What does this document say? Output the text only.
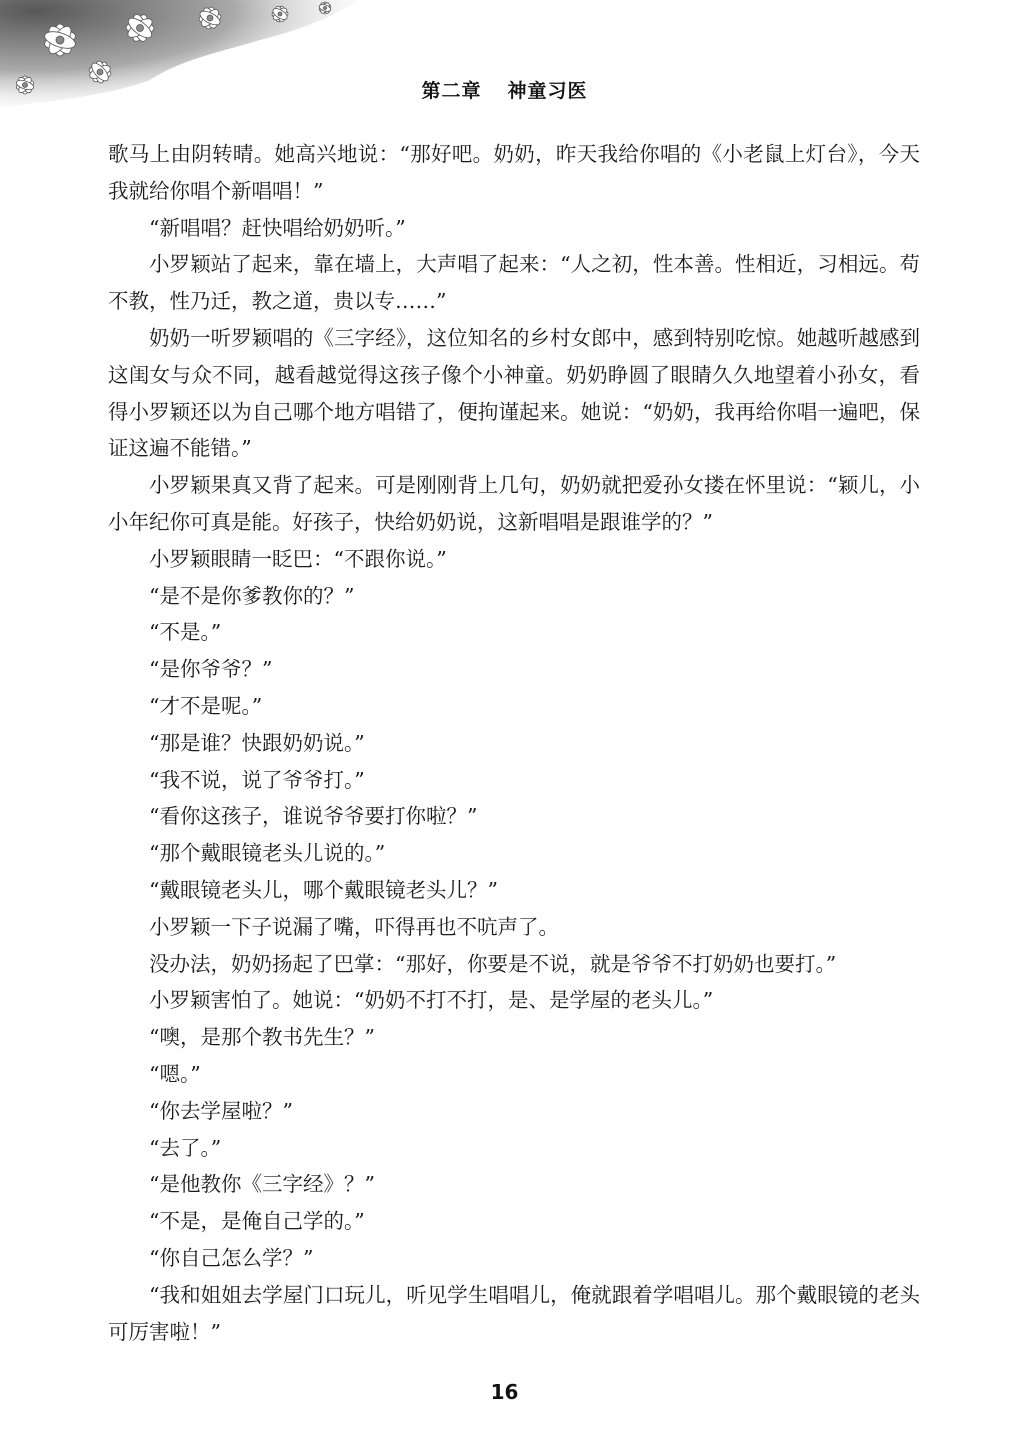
第二章 神童习医

歌马上由阴转晴。她高兴地说：“那好吧。奶奶，昨天我给你唱的《小老鼠上灯台》，今天我就给你唱个新唱唱！”

“新唱唱？赶快唱给奶奶听。”

小罗颖站了起来，靠在墙上，大声唱了起来：“人之初，性本善。性相近，习相远。苟不教，性乃迁，教之道，贵以专……”

奶奶一听罗颖唱的《三字经》，这位知名的乡村女郎中，感到特别吃惊。她越听越感到这闺女与众不同，越看越觉得这孩子像个小神童。奶奶睁圆了眼睛久久地望着小孙女，看得小罗颖还以为自己哪个地方唱错了，便拘谨起来。她说：“奶奶，我再给你唱一遍吧，保证这遍不能错。”

小罗颖果真又背了起来。可是刚刚背上几句，奶奶就把爱孙女搂在怀里说：“颖儿，小小年纪你可真是能。好孩子，快给奶奶说，这新唱唱是跟谁学的？”

小罗颖眼睛一眨巴：“不跟你说。”

“是不是你爹教你的？”

“不是。”

“是你爷爷？”

“才不是呢。”

“那是谁？快跟奶奶说。”

“我不说，说了爷爷打。”

“看你这孩子，谁说爷爷要打你啦？”

“那个戴眼镜老头儿说的。”

“戴眼镜老头儿，哪个戴眼镜老头儿？”

小罗颖一下子说漏了嘴，吓得再也不吭声了。

没办法，奶奶扬起了巴掌：“那好，你要是不说，就是爷爷不打奶奶也要打。”

小罗颖害怕了。她说：“奶奶不打不打，是、是学屋的老头儿。”

“噢，是那个教书先生？”

“嗯。”

“你去学屋啦？”

“去了。”

“是他教你《三字经》？”

“不是，是俺自己学的。”

“你自己怎么学？”

“我和姐姐去学屋门口玩儿，听见学生唱唱儿，俺就跟着学唱唱儿。那个戴眼镜的老头可厉害啦！”

16
